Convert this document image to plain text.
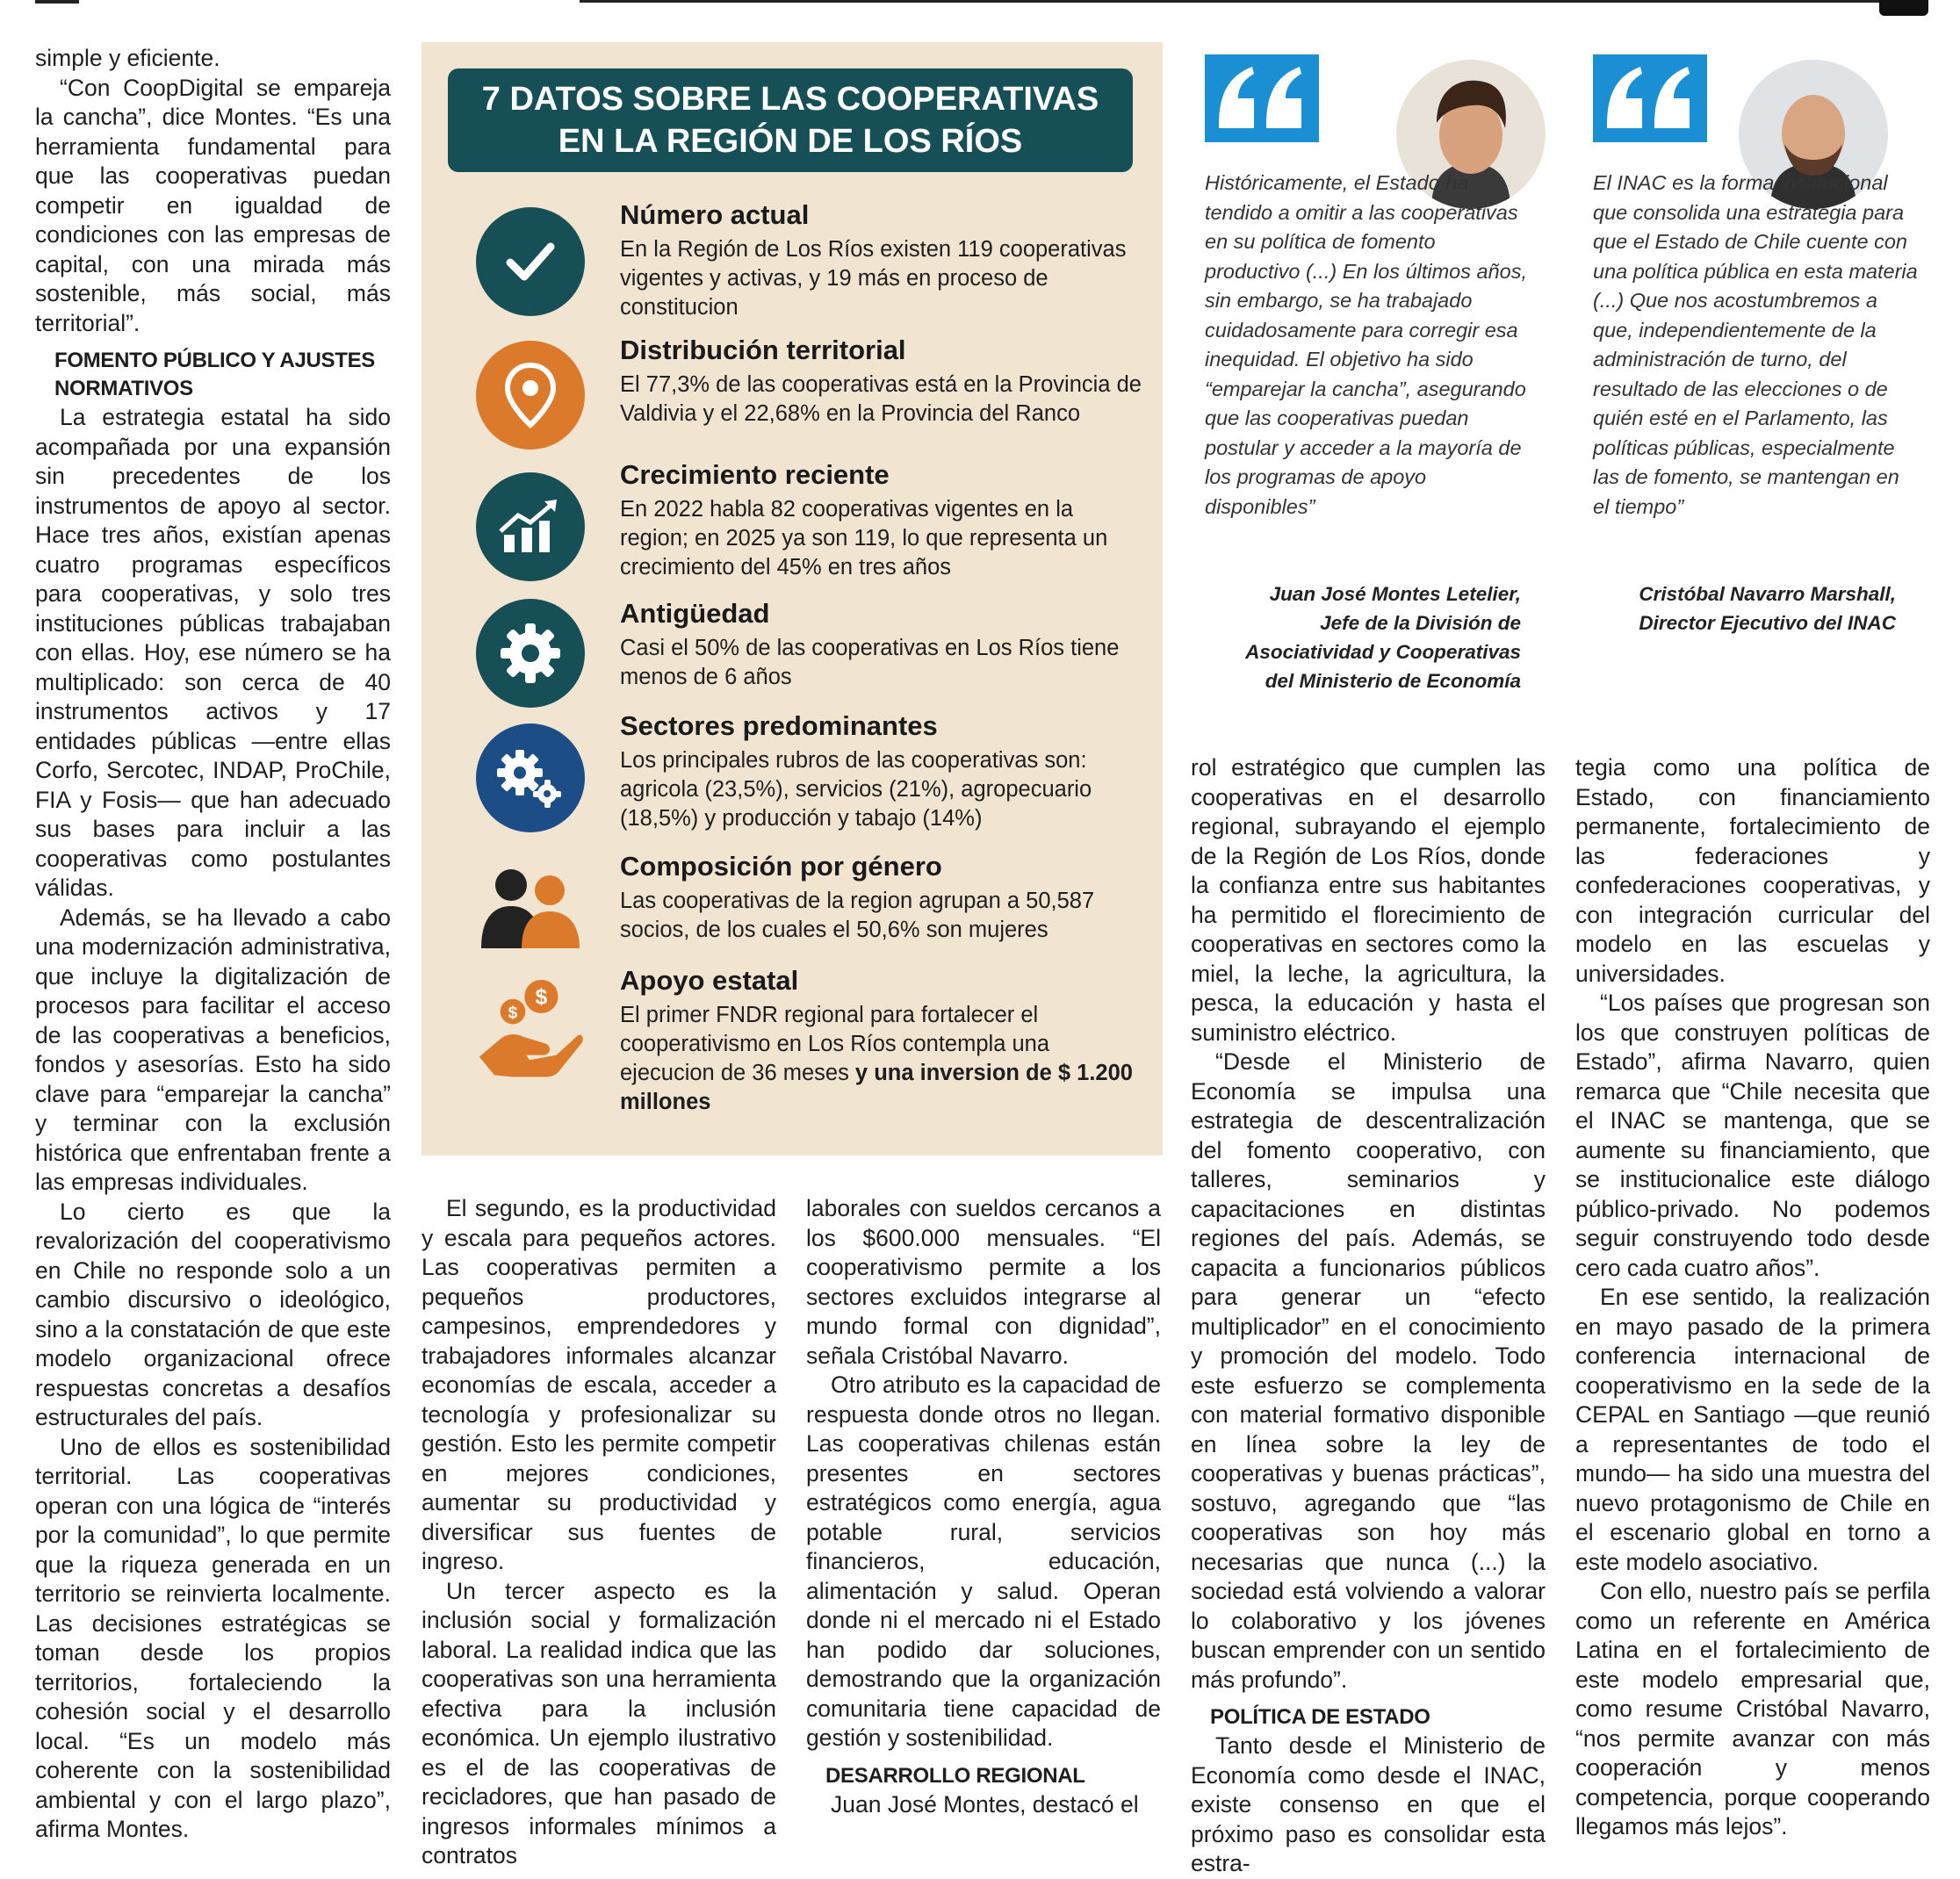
simple y eficiente.

“Con CoopDigital se empareja la cancha”, dice Montes. “Es una herramienta fundamental para que las cooperativas puedan competir en igualdad de condiciones con las empresas de capital, con una mirada más sostenible, más social, más territorial”.

FOMENTO PÚBLICO Y AJUSTES NORMATIVOS

La estrategia estatal ha sido acompañada por una expansión sin precedentes de los instrumentos de apoyo al sector. Hace tres años, existían apenas cuatro programas específicos para cooperativas, y solo tres instituciones públicas trabajaban con ellas. Hoy, ese número se ha multiplicado: son cerca de 40 instrumentos activos y 17 entidades públicas —entre ellas Corfo, Sercotec, INDAP, ProChile, FIA y Fosis— que han adecuado sus bases para incluir a las cooperativas como postulantes válidas.

Además, se ha llevado a cabo una modernización administrativa, que incluye la digitalización de procesos para facilitar el acceso de las cooperativas a beneficios, fondos y asesorías. Esto ha sido clave para “emparejar la cancha” y terminar con la exclusión histórica que enfrentaban frente a las empresas individuales.

Lo cierto es que la revalorización del cooperativismo en Chile no responde solo a un cambio discursivo o ideológico, sino a la constatación de que este modelo organizacional ofrece respuestas concretas a desafíos estructurales del país.

Uno de ellos es sostenibilidad territorial. Las cooperativas operan con una lógica de “interés por la comunidad”, lo que permite que la riqueza generada en un territorio se reinvierta localmente. Las decisiones estratégicas se toman desde los propios territorios, fortaleciendo la cohesión social y el desarrollo local. “Es un modelo más coherente con la sostenibilidad ambiental y con el largo plazo”, afirma Montes.

7 DATOS SOBRE LAS COOPERATIVAS
EN LA REGIÓN DE LOS RÍOS
Número actual
En la Región de Los Ríos existen 119 cooperativas vigentes y activas, y 19 más en proceso de constitucion
Distribución territorial
El 77,3% de las cooperativas está en la Provincia de Valdivia y el 22,68% en la Provincia del Ranco
Crecimiento reciente
En 2022 habla 82 cooperativas vigentes en la region; en 2025 ya son 119, lo que representa un crecimiento del 45% en tres años
Antigüedad
Casi el 50% de las cooperativas en Los Ríos tiene menos de 6 años
Sectores predominantes
Los principales rubros de las cooperativas son: agricola (23,5%), servicios (21%), agropecuario (18,5%) y producción y tabajo (14%)
Composición por género
Las cooperativas de la region agrupan a 50,587 socios, de los cuales el 50,6% son mujeres
$
$
Apoyo estatal
El primer FNDR regional para fortalecer el cooperativismo en Los Ríos contempla una ejecucion de 36 meses y una inversion de $ 1.200 millones
Históricamente, el Estado ha tendido a omitir a las cooperativas en su política de fomento productivo (...) En los últimos años, sin embargo, se ha trabajado cuidadosamente para corregir esa inequidad. El objetivo ha sido “emparejar la cancha”, asegurando que las cooperativas puedan postular y acceder a la mayoría de los programas de apoyo disponibles”
Juan José Montes Letelier,
Jefe de la División de Asociatividad y Cooperativas del Ministerio de Economía
El INAC es la forma institucional que consolida una estrategia para que el Estado de Chile cuente con una política pública en esta materia (...) Que nos acostumbremos a que, independientemente de la administración de turno, del resultado de las elecciones o de quién esté en el Parlamento, las políticas públicas, especialmente las de fomento, se mantengan en el tiempo”
Cristóbal Navarro Marshall,
Director Ejecutivo del INAC

El segundo, es la productividad y escala para pequeños actores. Las cooperativas permiten a pequeños productores, campesinos, emprendedores y trabajadores informales alcanzar economías de escala, acceder a tecnología y profesionalizar su gestión. Esto les permite competir en mejores condiciones, aumentar su productividad y diversificar sus fuentes de ingreso.

Un tercer aspecto es la inclusión social y formalización laboral. La realidad indica que las cooperativas son una herramienta efectiva para la inclusión económica. Un ejemplo ilustrativo es el de las cooperativas de recicladores, que han pasado de ingresos informales mínimos a contratos

laborales con sueldos cercanos a los $600.000 mensuales. “El cooperativismo permite a los sectores excluidos integrarse al mundo formal con dignidad”, señala Cristóbal Navarro.

Otro atributo es la capacidad de respuesta donde otros no llegan. Las cooperativas chilenas están presentes en sectores estratégicos como energía, agua potable rural, servicios financieros, educación, alimentación y salud. Operan donde ni el mercado ni el Estado han podido dar soluciones, demostrando que la organización comunitaria tiene capacidad de gestión y sostenibilidad.

DESARROLLO REGIONAL

Juan José Montes, destacó el

rol estratégico que cumplen las cooperativas en el desarrollo regional, subrayando el ejemplo de la Región de Los Ríos, donde la confianza entre sus habitantes ha permitido el florecimiento de cooperativas en sectores como la miel, la leche, la agricultura, la pesca, la educación y hasta el suministro eléctrico.

“Desde el Ministerio de Economía se impulsa una estrategia de descentralización del fomento cooperativo, con talleres, seminarios y capacitaciones en distintas regiones del país. Además, se capacita a funcionarios públicos para generar un “efecto multiplicador” en el conocimiento y promoción del modelo. Todo este esfuerzo se complementa con material formativo disponible en línea sobre la ley de cooperativas y buenas prácticas”, sostuvo, agregando que “las cooperativas son hoy más necesarias que nunca (...) la sociedad está volviendo a valorar lo colaborativo y los jóvenes buscan emprender con un sentido más profundo”.

POLÍTICA DE ESTADO

Tanto desde el Ministerio de Economía como desde el INAC, existe consenso en que el próximo paso es consolidar esta estra-

tegia como una política de Estado, con financiamiento permanente, fortalecimiento de las federaciones y confederaciones cooperativas, y con integración curricular del modelo en las escuelas y universidades.

“Los países que progresan son los que construyen políticas de Estado”, afirma Navarro, quien remarca que “Chile necesita que el INAC se mantenga, que se aumente su financiamiento, que se institucionalice este diálogo público-privado. No podemos seguir construyendo todo desde cero cada cuatro años”.

En ese sentido, la realización en mayo pasado de la primera conferencia internacional de cooperativismo en la sede de la CEPAL en Santiago —que reunió a representantes de todo el mundo— ha sido una muestra del nuevo protagonismo de Chile en el escenario global en torno a este modelo asociativo.

Con ello, nuestro país se perfila como un referente en América Latina en el fortalecimiento de este modelo empresarial que, como resume Cristóbal Navarro, “nos permite avanzar con más cooperación y menos competencia, porque cooperando llegamos más lejos”.
